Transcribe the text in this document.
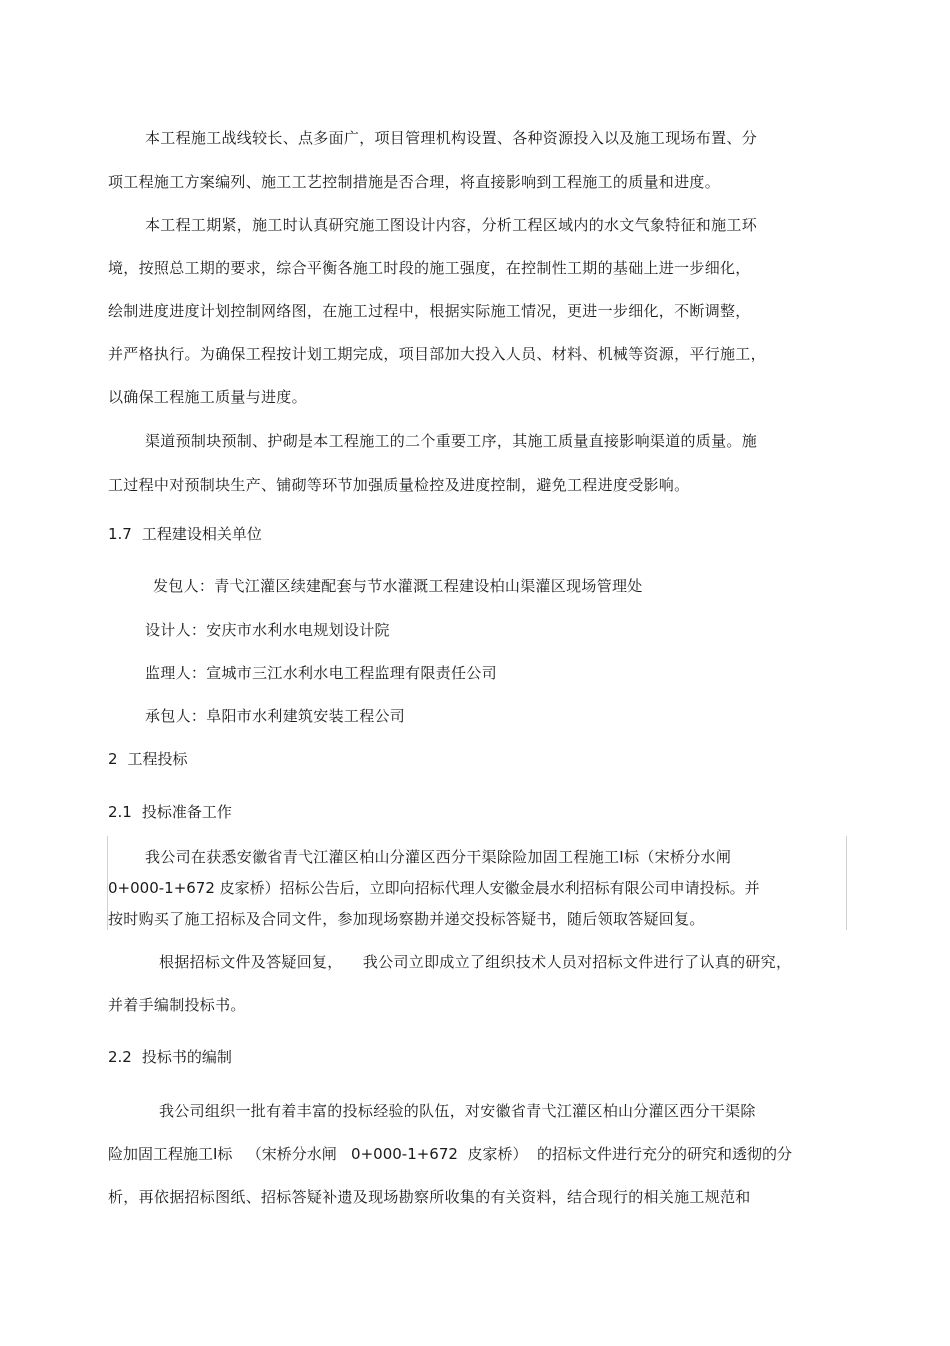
本工程施工战线较长、点多面广，项目管理机构设置、各种资源投入以及施工现场布置、分
项工程施工方案编列、施工工艺控制措施是否合理，将直接影响到工程施工的质量和进度。
本工程工期紧，施工时认真研究施工图设计内容，分析工程区域内的水文气象特征和施工环
境，按照总工期的要求，综合平衡各施工时段的施工强度，在控制性工期的基础上进一步细化，
绘制进度进度计划控制网络图，在施工过程中，根据实际施工情况，更进一步细化，不断调整，
并严格执行。为确保工程按计划工期完成，项目部加大投入人员、材料、机械等资源，平行施工，
以确保工程施工质量与进度。
渠道预制块预制、护砌是本工程施工的二个重要工序，其施工质量直接影响渠道的质量。施
工过程中对预制块生产、铺砌等环节加强质量检控及进度控制，避免工程进度受影响。
1.7 工程建设相关单位
发包人：青弋江灌区续建配套与节水灌溉工程建设柏山渠灌区现场管理处
设计人：安庆市水利水电规划设计院
监理人：宣城市三江水利水电工程监理有限责任公司
承包人：阜阳市水利建筑安装工程公司
2 工程投标
2.1 投标准备工作
我公司在获悉安徽省青弋江灌区柏山分灌区西分干渠除险加固工程施工Ⅰ标（宋桥分水闸
0+000-1+672 皮家桥）招标公告后，立即向招标代理人安徽金晨水利招标有限公司申请投标。并
按时购买了施工招标及合同文件，参加现场察勘并递交投标答疑书，随后领取答疑回复。
根据招标文件及答疑回复，    我公司立即成立了组织技术人员对招标文件进行了认真的研究，
并着手编制投标书。
2.2 投标书的编制
我公司组织一批有着丰富的投标经验的队伍，对安徽省青弋江灌区柏山分灌区西分干渠除
险加固工程施工Ⅰ标   （宋桥分水闸   0+000-1+672  皮家桥）  的招标文件进行充分的研究和透彻的分
析，再依据招标图纸、招标答疑补遗及现场勘察所收集的有关资料，结合现行的相关施工规范和
